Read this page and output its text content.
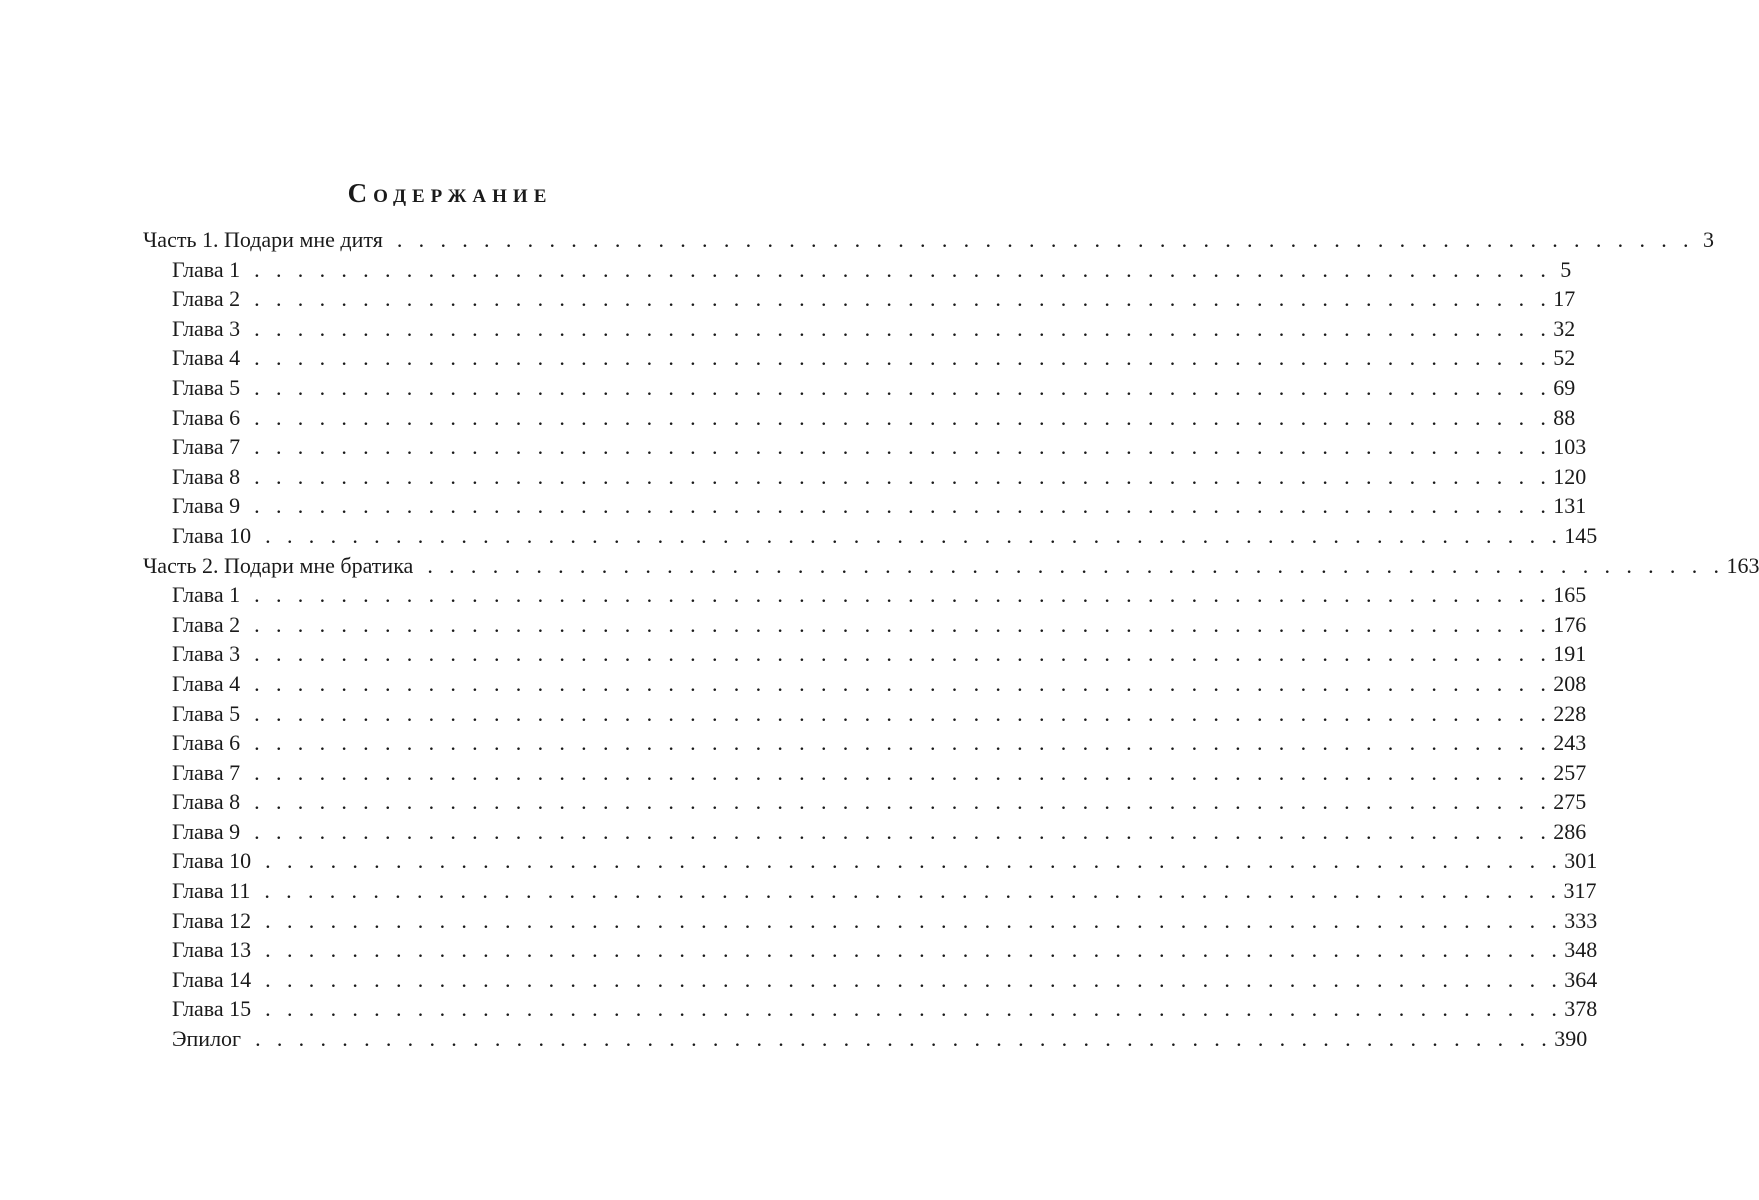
Содержание
Часть 1. Подари мне дитя . . . . . . . . . . . . . . . . . . . . . . . . . . . . . . . . . . . . . . . . . . . . . . . . . . . . . . . . . . . . 3
Глава 1 . . . . . . . . . . . . . . . . . . . . . . . . . . . . . . . . . . . . . . . . . . . . . . . . . . . . . . . . . . . . 5
Глава 2 . . . . . . . . . . . . . . . . . . . . . . . . . . . . . . . . . . . . . . . . . . . . . . . . . . . . . . . . . . . . 17
Глава 3 . . . . . . . . . . . . . . . . . . . . . . . . . . . . . . . . . . . . . . . . . . . . . . . . . . . . . . . . . . . . 32
Глава 4 . . . . . . . . . . . . . . . . . . . . . . . . . . . . . . . . . . . . . . . . . . . . . . . . . . . . . . . . . . . . 52
Глава 5 . . . . . . . . . . . . . . . . . . . . . . . . . . . . . . . . . . . . . . . . . . . . . . . . . . . . . . . . . . . . 69
Глава 6 . . . . . . . . . . . . . . . . . . . . . . . . . . . . . . . . . . . . . . . . . . . . . . . . . . . . . . . . . . . . 88
Глава 7 . . . . . . . . . . . . . . . . . . . . . . . . . . . . . . . . . . . . . . . . . . . . . . . . . . . . . . . . . . . . 103
Глава 8 . . . . . . . . . . . . . . . . . . . . . . . . . . . . . . . . . . . . . . . . . . . . . . . . . . . . . . . . . . . . 120
Глава 9 . . . . . . . . . . . . . . . . . . . . . . . . . . . . . . . . . . . . . . . . . . . . . . . . . . . . . . . . . . . . 131
Глава 10 . . . . . . . . . . . . . . . . . . . . . . . . . . . . . . . . . . . . . . . . . . . . . . . . . . . . . . . . . . . . 145
Часть 2. Подари мне братика . . . . . . . . . . . . . . . . . . . . . . . . . . . . . . . . . . . . . . . . . . . . . . . . . . . . . . . . . . . . 163
Глава 1 . . . . . . . . . . . . . . . . . . . . . . . . . . . . . . . . . . . . . . . . . . . . . . . . . . . . . . . . . . . . 165
Глава 2 . . . . . . . . . . . . . . . . . . . . . . . . . . . . . . . . . . . . . . . . . . . . . . . . . . . . . . . . . . . . 176
Глава 3 . . . . . . . . . . . . . . . . . . . . . . . . . . . . . . . . . . . . . . . . . . . . . . . . . . . . . . . . . . . . 191
Глава 4 . . . . . . . . . . . . . . . . . . . . . . . . . . . . . . . . . . . . . . . . . . . . . . . . . . . . . . . . . . . . 208
Глава 5 . . . . . . . . . . . . . . . . . . . . . . . . . . . . . . . . . . . . . . . . . . . . . . . . . . . . . . . . . . . . 228
Глава 6 . . . . . . . . . . . . . . . . . . . . . . . . . . . . . . . . . . . . . . . . . . . . . . . . . . . . . . . . . . . . 243
Глава 7 . . . . . . . . . . . . . . . . . . . . . . . . . . . . . . . . . . . . . . . . . . . . . . . . . . . . . . . . . . . . 257
Глава 8 . . . . . . . . . . . . . . . . . . . . . . . . . . . . . . . . . . . . . . . . . . . . . . . . . . . . . . . . . . . . 275
Глава 9 . . . . . . . . . . . . . . . . . . . . . . . . . . . . . . . . . . . . . . . . . . . . . . . . . . . . . . . . . . . . 286
Глава 10 . . . . . . . . . . . . . . . . . . . . . . . . . . . . . . . . . . . . . . . . . . . . . . . . . . . . . . . . . . . . 301
Глава 11 . . . . . . . . . . . . . . . . . . . . . . . . . . . . . . . . . . . . . . . . . . . . . . . . . . . . . . . . . . . . 317
Глава 12 . . . . . . . . . . . . . . . . . . . . . . . . . . . . . . . . . . . . . . . . . . . . . . . . . . . . . . . . . . . . 333
Глава 13 . . . . . . . . . . . . . . . . . . . . . . . . . . . . . . . . . . . . . . . . . . . . . . . . . . . . . . . . . . . . 348
Глава 14 . . . . . . . . . . . . . . . . . . . . . . . . . . . . . . . . . . . . . . . . . . . . . . . . . . . . . . . . . . . . 364
Глава 15 . . . . . . . . . . . . . . . . . . . . . . . . . . . . . . . . . . . . . . . . . . . . . . . . . . . . . . . . . . . . 378
Эпилог . . . . . . . . . . . . . . . . . . . . . . . . . . . . . . . . . . . . . . . . . . . . . . . . . . . . . . . . . . . . 390
